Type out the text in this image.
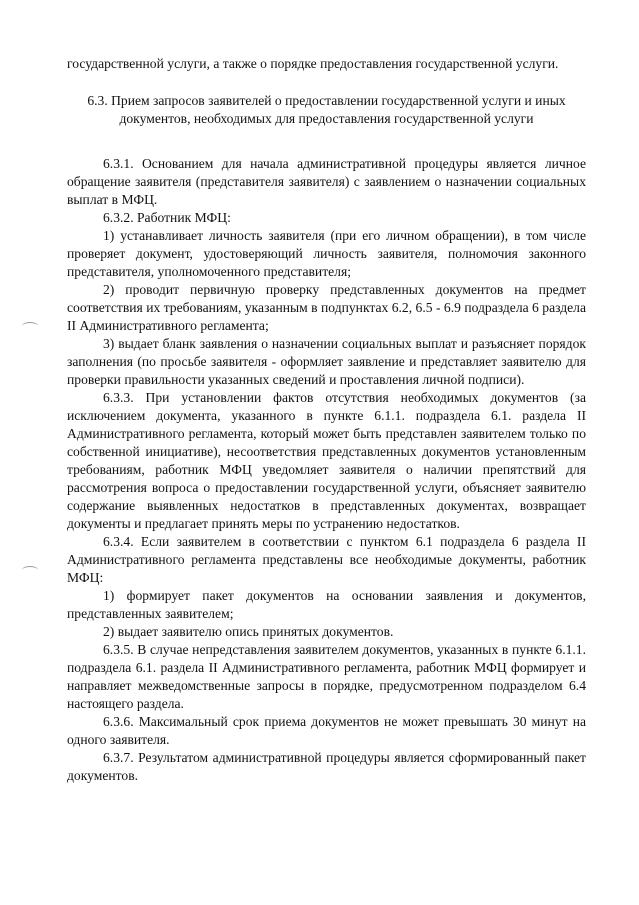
государственной услуги, а также о порядке предоставления государственной услуги.

6.3. Прием запросов заявителей о предоставлении государственной услуги и иных документов, необходимых для предоставления государственной услуги

6.3.1. Основанием для начала административной процедуры является личное обращение заявителя (представителя заявителя) с заявлением о назначении социальных выплат в МФЦ.

6.3.2. Работник МФЦ:

1) устанавливает личность заявителя (при его личном обращении), в том числе проверяет документ, удостоверяющий личность заявителя, полномочия законного представителя, уполномоченного представителя;

2) проводит первичную проверку представленных документов на предмет соответствия их требованиям, указанным в подпунктах 6.2, 6.5 - 6.9 подраздела 6 раздела II Административного регламента;

3) выдает бланк заявления о назначении социальных выплат и разъясняет порядок заполнения (по просьбе заявителя - оформляет заявление и представляет заявителю для проверки правильности указанных сведений и проставления личной подписи).

6.3.3. При установлении фактов отсутствия необходимых документов (за исключением документа, указанного в пункте 6.1.1. подраздела 6.1. раздела II Административного регламента, который может быть представлен заявителем только по собственной инициативе), несоответствия представленных документов установленным требованиям, работник МФЦ уведомляет заявителя о наличии препятствий для рассмотрения вопроса о предоставлении государственной услуги, объясняет заявителю содержание выявленных недостатков в представленных документах, возвращает документы и предлагает принять меры по устранению недостатков.

6.3.4. Если заявителем в соответствии с пунктом 6.1 подраздела 6 раздела II Административного регламента представлены все необходимые документы, работник МФЦ:

1) формирует пакет документов на основании заявления и документов, представленных заявителем;

2) выдает заявителю опись принятых документов.

6.3.5. В случае непредставления заявителем документов, указанных в пункте 6.1.1. подраздела 6.1. раздела II Административного регламента, работник МФЦ формирует и направляет межведомственные запросы в порядке, предусмотренном подразделом 6.4 настоящего раздела.

6.3.6. Максимальный срок приема документов не может превышать 30 минут на одного заявителя.

6.3.7. Результатом административной процедуры является сформированный пакет документов.
